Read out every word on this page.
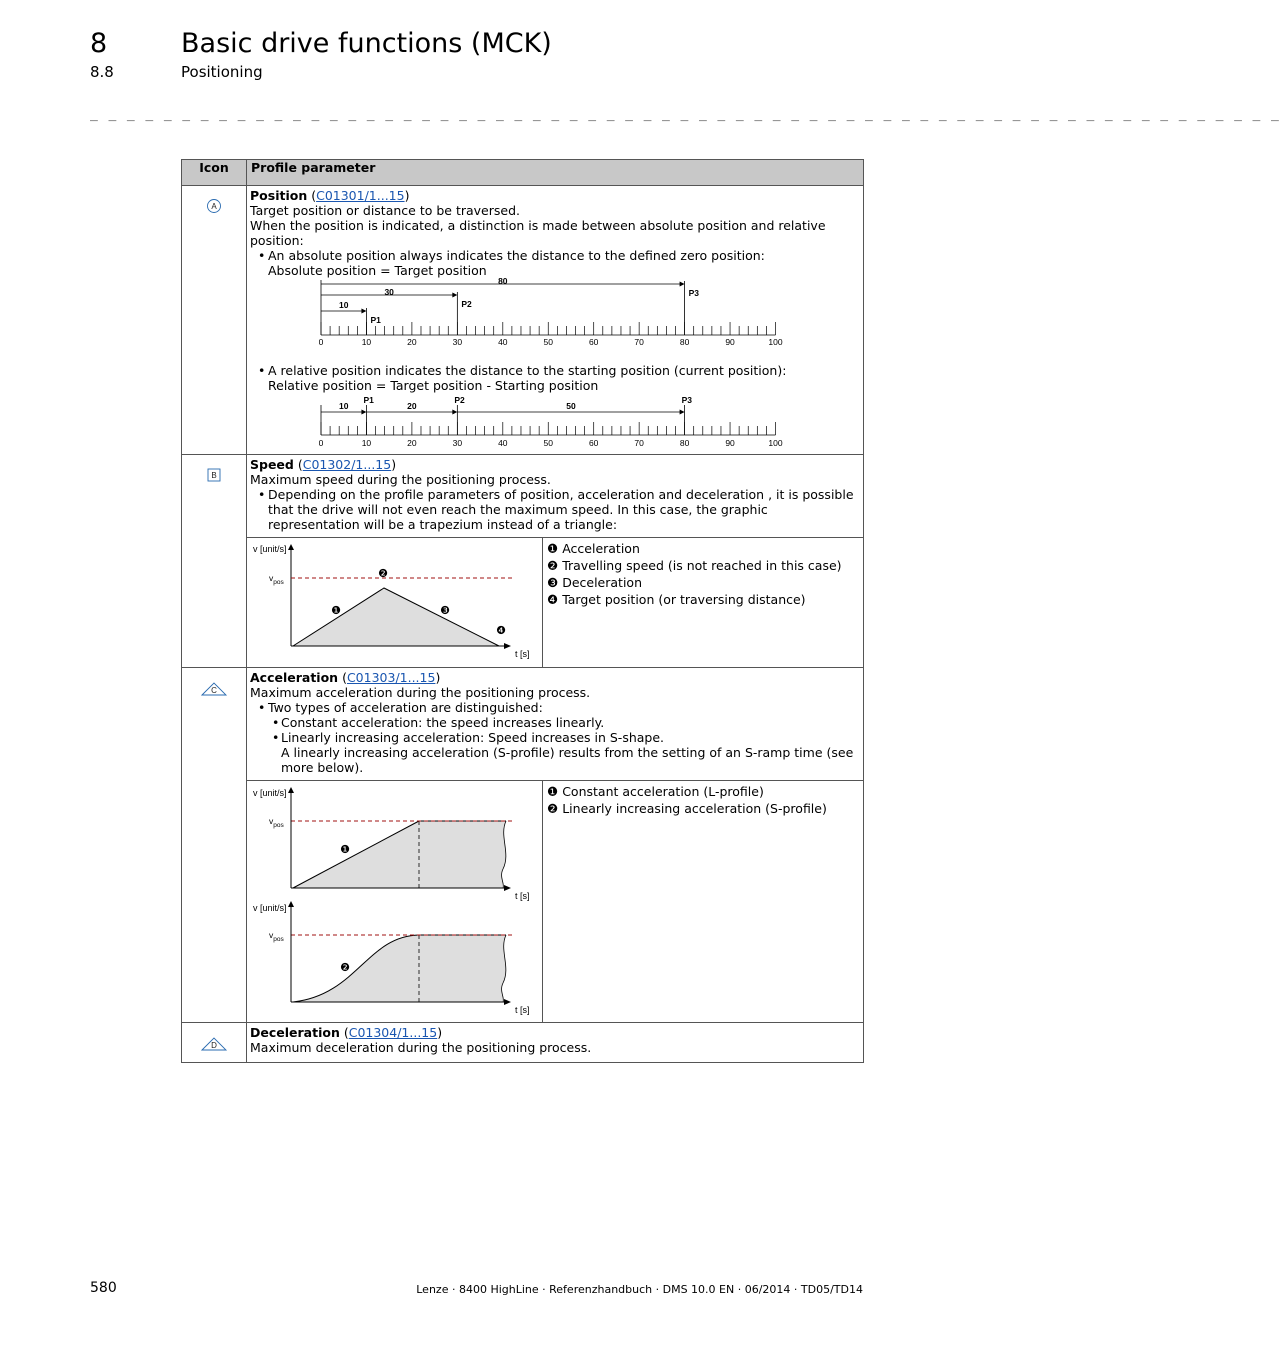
8	Basic drive functions (MCK)
8.8	Positioning
_ _ _ _ _ _ _ _ _ _ _ _ _ _ _ _ _ _ _ _ _ _ _ _ _ _ _ _ _ _ _ _ _ _ _ _ _ _ _ _ _ _ _ _ _ _ _ _ _ _ _ _ _ _ _ _ _ _ _ _ _ _ _ _ _
Icon	Profile parameter

A

Position (C01301/1...15)
Target position or distance to be traversed.
When the position is indicated, a distinction is made between absolute position and relative position:
• An absolute position always indicates the distance to the defined zero position:
Absolute position = Target position
0	10	20	30	40	50	60	70	80	90	100
10
P1
30
P2
80
P3
• A relative position indicates the distance to the starting position (current position):
Relative position = Target position - Starting position
0	10	20	30	40	50	60	70	80	90	100
10
P1
20
P2
50
P3

B

Speed (C01302/1...15)
Maximum speed during the positioning process.
• Depending on the profile parameters of position, acceleration and deceleration , it is possible that the drive will not even reach the maximum speed. In this case, the graphic representation will be a trapezium instead of a triangle:
v [unit/s]
$v_{pos}$
❷
❶	❸
❹
t [s]

❶ Acceleration
❷ Travelling speed (is not reached in this case)
❸ Deceleration
❹ Target position (or traversing distance)

C

Acceleration (C01303/1...15)
Maximum acceleration during the positioning process.
• Two types of acceleration are distinguished:
• Constant acceleration: the speed increases linearly.
• Linearly increasing acceleration: Speed increases in S-shape.
A linearly increasing acceleration (S-profile) results from the setting of an S-ramp time (see more below).
v [unit/s]
$v_{pos}$
❶
t [s]
v [unit/s]
$v_{pos}$
❷
t [s]

❶ Constant acceleration (L-profile)
❷ Linearly increasing acceleration (S-profile)

D

Deceleration (C01304/1...15)
Maximum deceleration during the positioning process.
580	Lenze · 8400 HighLine · Referenzhandbuch · DMS 10.0 EN · 06/2014 · TD05/TD14
